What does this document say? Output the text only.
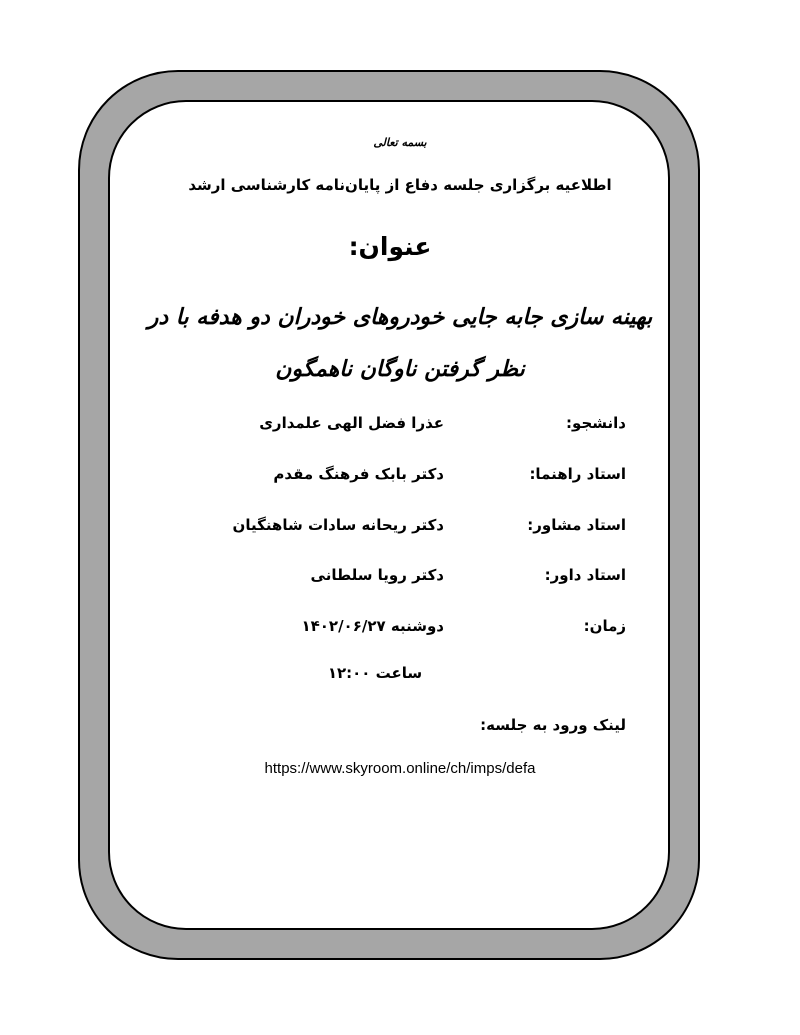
بسمه تعالی
اطلاعیه برگزاری جلسه دفاع از پایان‌نامه کارشناسی ارشد
عنوان:
بهینه سازی جابه جایی خودروهای خودران دو هدفه با در نظر گرفتن ناوگان ناهمگون
دانشجو:
عذرا فضل الهی علمداری
استاد راهنما:
دکتر بابک فرهنگ مقدم
استاد مشاور:
دکتر ریحانه سادات شاهنگیان
استاد داور:
دکتر رویا سلطانی
زمان:
دوشنبه ۱۴۰۲/۰۶/۲۷
ساعت ۱۲:۰۰
لینک ورود به جلسه:
https://www.skyroom.online/ch/imps/defa
